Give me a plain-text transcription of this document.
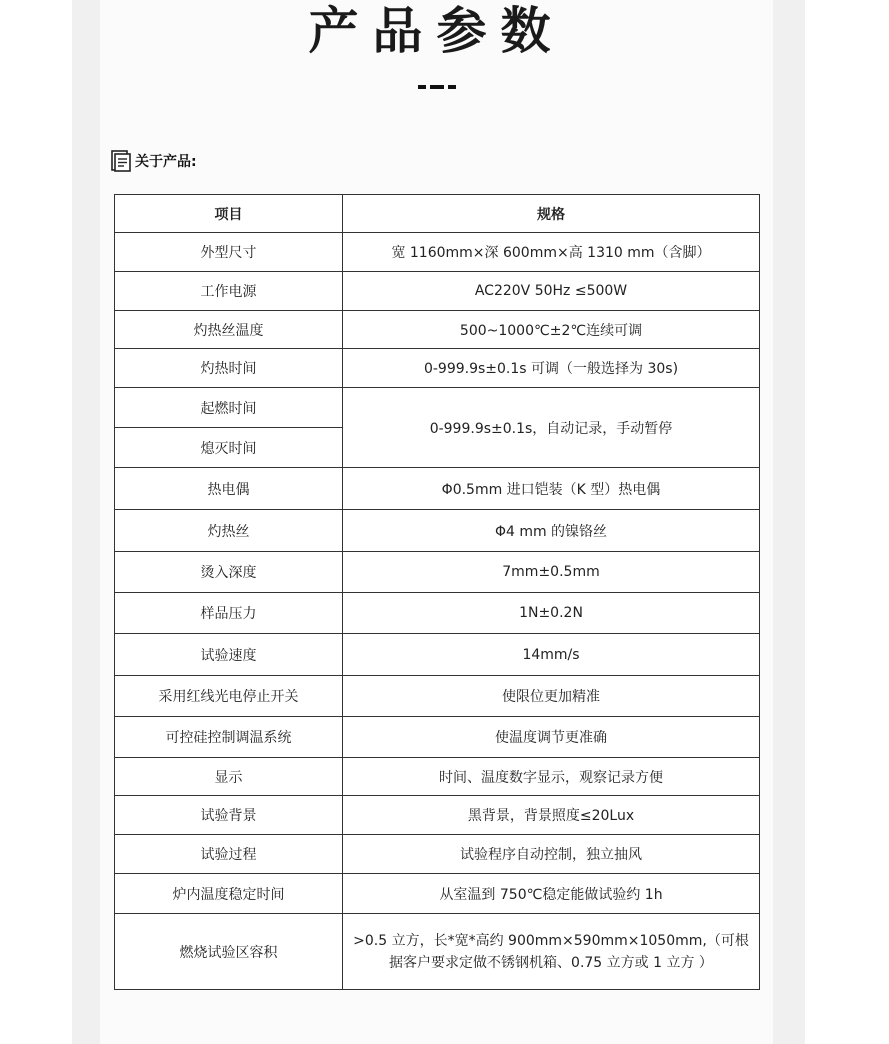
产品参数
关于产品:
项目	规格
外型尺寸	宽 1160mm×深 600mm×高 1310 mm（含脚）
工作电源	AC220V 50Hz ≤500W
灼热丝温度	500~1000℃±2℃连续可调
灼热时间	0-999.9s±0.1s 可调（一般选择为 30s)
起燃时间	0-999.9s±0.1s，自动记录，手动暂停
熄灭时间	
热电偶	Φ0.5mm 进口铠装（K 型）热电偶
灼热丝	Φ4 mm 的镍铬丝
烫入深度	7mm±0.5mm
样品压力	1N±0.2N
试验速度	14mm/s
采用红线光电停止开关	使限位更加精准
可控硅控制调温系统	使温度调节更准确
显示	时间、温度数字显示，观察记录方便
试验背景	黑背景，背景照度≤20Lux
试验过程	试验程序自动控制，独立抽风
炉内温度稳定时间	从室温到 750℃稳定能做试验约 1h
燃烧试验区容积	>0.5 立方，长*宽*高约 900mm×590mm×1050mm,（可根据客户要求定做不锈钢机箱、0.75 立方或 1 立方 ）
